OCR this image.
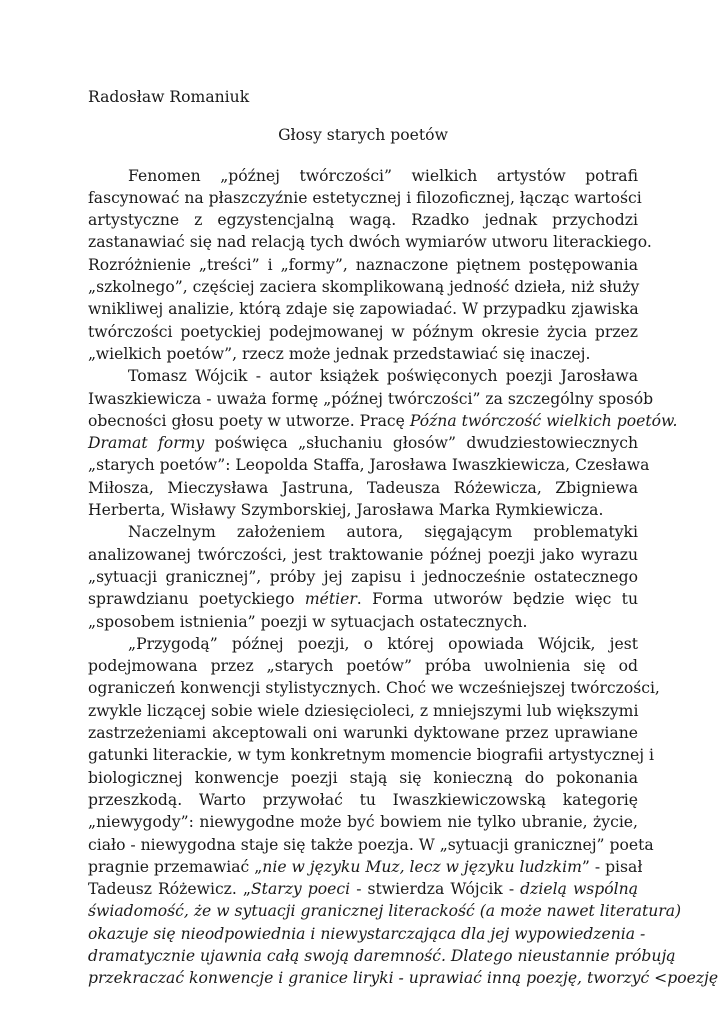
Radosław Romaniuk

Głosy starych poetów

Fenomen „późnej twórczości” wielkich artystów potrafi
fascynować na płaszczyźnie estetycznej i filozoficznej, łącząc wartości
artystyczne z egzystencjalną wagą. Rzadko jednak przychodzi
zastanawiać się nad relacją tych dwóch wymiarów utworu literackiego.
Rozróżnienie „treści” i „formy”, naznaczone piętnem postępowania
„szkolnego”, częściej zaciera skomplikowaną jedność dzieła, niż służy
wnikliwej analizie, którą zdaje się zapowiadać. W przypadku zjawiska
twórczości poetyckiej podejmowanej w późnym okresie życia przez
„wielkich poetów”, rzecz może jednak przedstawiać się inaczej.
Tomasz Wójcik - autor książek poświęconych poezji Jarosława
Iwaszkiewicza - uważa formę „późnej twórczości” za szczególny sposób
obecności głosu poety w utworze. Pracę Późna twórczość wielkich poetów.
Dramat formy poświęca „słuchaniu głosów” dwudziestowiecznych
„starych poetów”: Leopolda Staffa, Jarosława Iwaszkiewicza, Czesława
Miłosza, Mieczysława Jastruna, Tadeusza Różewicza, Zbigniewa
Herberta, Wisławy Szymborskiej, Jarosława Marka Rymkiewicza.
Naczelnym założeniem autora, sięgającym problematyki
analizowanej twórczości, jest traktowanie późnej poezji jako wyrazu
„sytuacji granicznej”, próby jej zapisu i jednocześnie ostatecznego
sprawdzianu poetyckiego métier. Forma utworów będzie więc tu
„sposobem istnienia” poezji w sytuacjach ostatecznych.
„Przygodą” późnej poezji, o której opowiada Wójcik, jest
podejmowana przez „starych poetów” próba uwolnienia się od
ograniczeń konwencji stylistycznych. Choć we wcześniejszej twórczości,
zwykle liczącej sobie wiele dziesięcioleci, z mniejszymi lub większymi
zastrzeżeniami akceptowali oni warunki dyktowane przez uprawiane
gatunki literackie, w tym konkretnym momencie biografii artystycznej i
biologicznej konwencje poezji stają się konieczną do pokonania
przeszkodą. Warto przywołać tu Iwaszkiewiczowską kategorię
„niewygody”: niewygodne może być bowiem nie tylko ubranie, życie,
ciało - niewygodna staje się także poezja. W „sytuacji granicznej” poeta
pragnie przemawiać „nie w języku Muz, lecz w języku ludzkim” - pisał
Tadeusz Różewicz. „Starzy poeci - stwierdza Wójcik - dzielą wspólną
świadomość, że w sytuacji granicznej literackość (a może nawet literatura)
okazuje się nieodpowiednia i niewystarczająca dla jej wypowiedzenia -
dramatycznie ujawnia całą swoją daremność. Dlatego nieustannie próbują
przekraczać konwencje i granice liryki - uprawiać inną poezję, tworzyć <poezję
